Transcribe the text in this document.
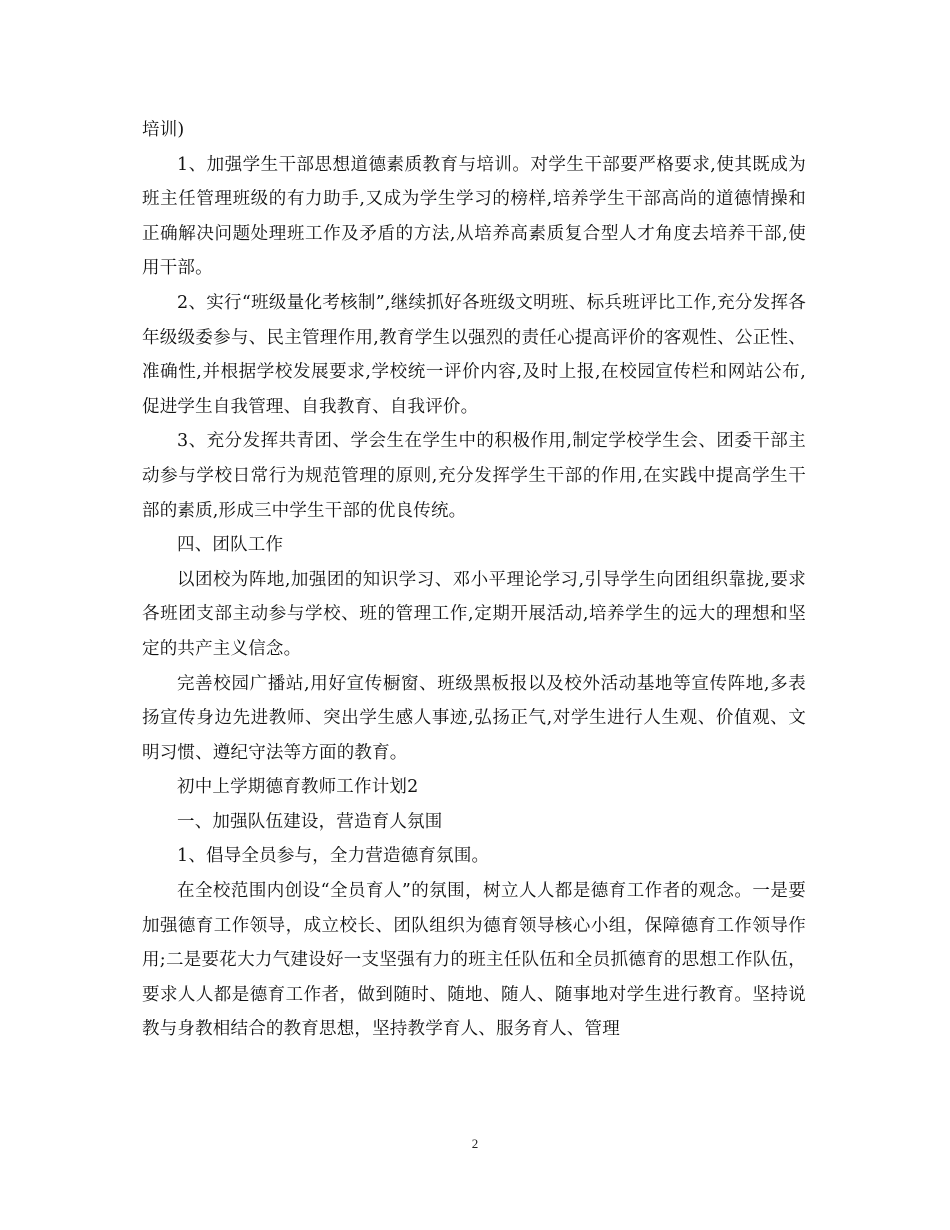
培训)

1、加强学生干部思想道德素质教育与培训。对学生干部要严格要求,使其既成为班主任管理班级的有力助手,又成为学生学习的榜样,培养学生干部高尚的道德情操和正确解决问题处理班工作及矛盾的方法,从培养高素质复合型人才角度去培养干部,使用干部。

2、实行“班级量化考核制”,继续抓好各班级文明班、标兵班评比工作,充分发挥各年级级委参与、民主管理作用,教育学生以强烈的责任心提高评价的客观性、公正性、准确性,并根据学校发展要求,学校统一评价内容,及时上报,在校园宣传栏和网站公布,促进学生自我管理、自我教育、自我评价。

3、充分发挥共青团、学会生在学生中的积极作用,制定学校学生会、团委干部主动参与学校日常行为规范管理的原则,充分发挥学生干部的作用,在实践中提高学生干部的素质,形成三中学生干部的优良传统。

四、团队工作

以团校为阵地,加强团的知识学习、邓小平理论学习,引导学生向团组织靠拢,要求各班团支部主动参与学校、班的管理工作,定期开展活动,培养学生的远大的理想和坚定的共产主义信念。

完善校园广播站,用好宣传橱窗、班级黑板报以及校外活动基地等宣传阵地,多表扬宣传身边先进教师、突出学生感人事迹,弘扬正气,对学生进行人生观、价值观、文明习惯、遵纪守法等方面的教育。

初中上学期德育教师工作计划2

一、加强队伍建设，营造育人氛围

1、倡导全员参与，全力营造德育氛围。

在全校范围内创设“全员育人”的氛围，树立人人都是德育工作者的观念。一是要加强德育工作领导，成立校长、团队组织为德育领导核心小组，保障德育工作领导作用;二是要花大力气建设好一支坚强有力的班主任队伍和全员抓德育的思想工作队伍，要求人人都是德育工作者，做到随时、随地、随人、随事地对学生进行教育。坚持说教与身教相结合的教育思想，坚持教学育人、服务育人、管理

2
